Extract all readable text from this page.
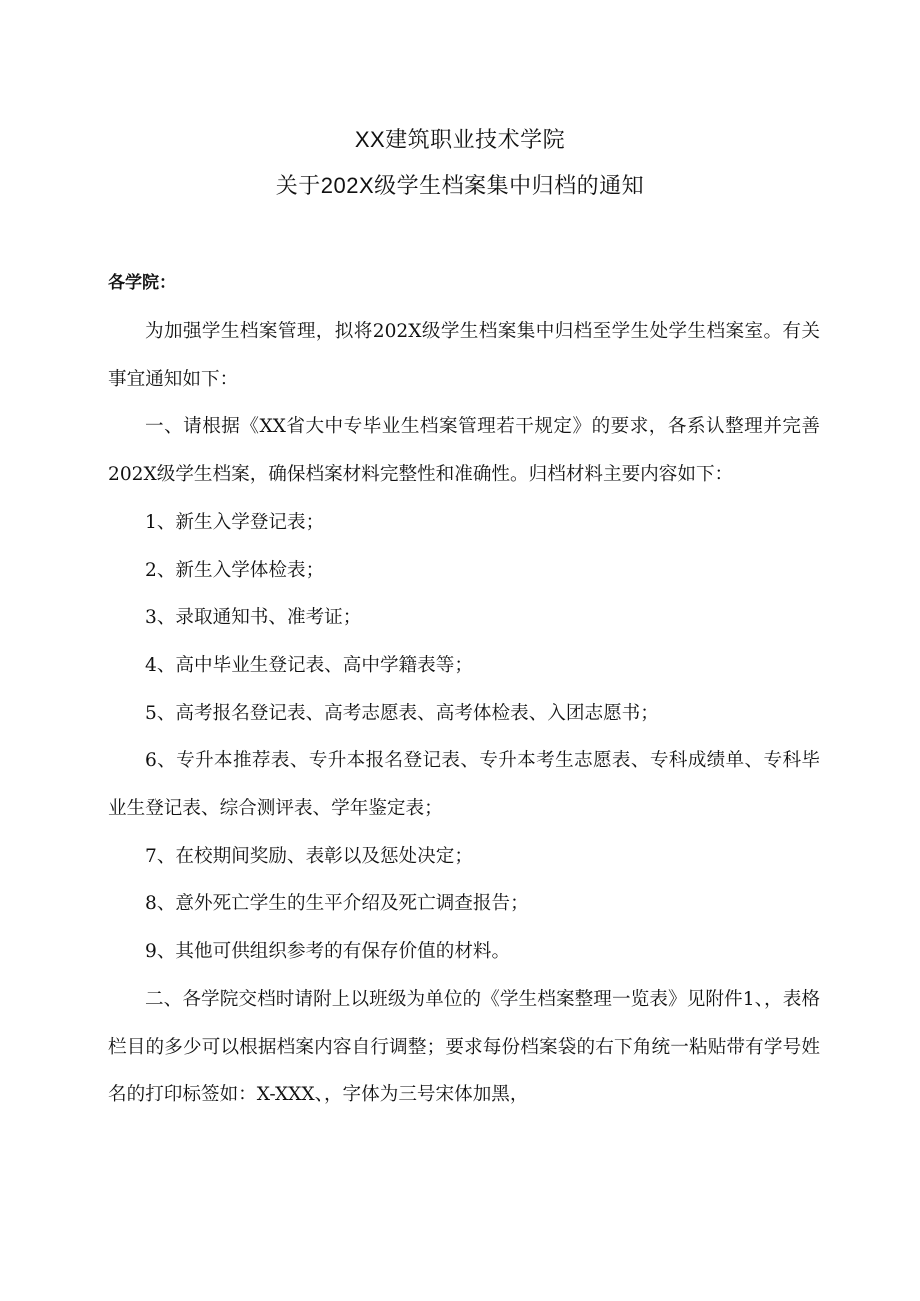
XX建筑职业技术学院
关于202X级学生档案集中归档的通知
各学院：

为加强学生档案管理，拟将202X级学生档案集中归档至学生处学生档案室。有关事宜通知如下：

一、请根据《XX省大中专毕业生档案管理若干规定》的要求，各系认整理并完善202X级学生档案，确保档案材料完整性和准确性。归档材料主要内容如下：

1、新生入学登记表；

2、新生入学体检表；

3、录取通知书、准考证；

4、高中毕业生登记表、高中学籍表等；

5、高考报名登记表、高考志愿表、高考体检表、入团志愿书；

6、专升本推荐表、专升本报名登记表、专升本考生志愿表、专科成绩单、专科毕业生登记表、综合测评表、学年鉴定表；

7、在校期间奖励、表彰以及惩处决定；

8、意外死亡学生的生平介绍及死亡调查报告；

9、其他可供组织参考的有保存价值的材料。

二、各学院交档时请附上以班级为单位的《学生档案整理一览表》见附件1、，表格栏目的多少可以根据档案内容自行调整；要求每份档案袋的右下角统一粘贴带有学号姓名的打印标签如：X-XXX、，字体为三号宋体加黑，
